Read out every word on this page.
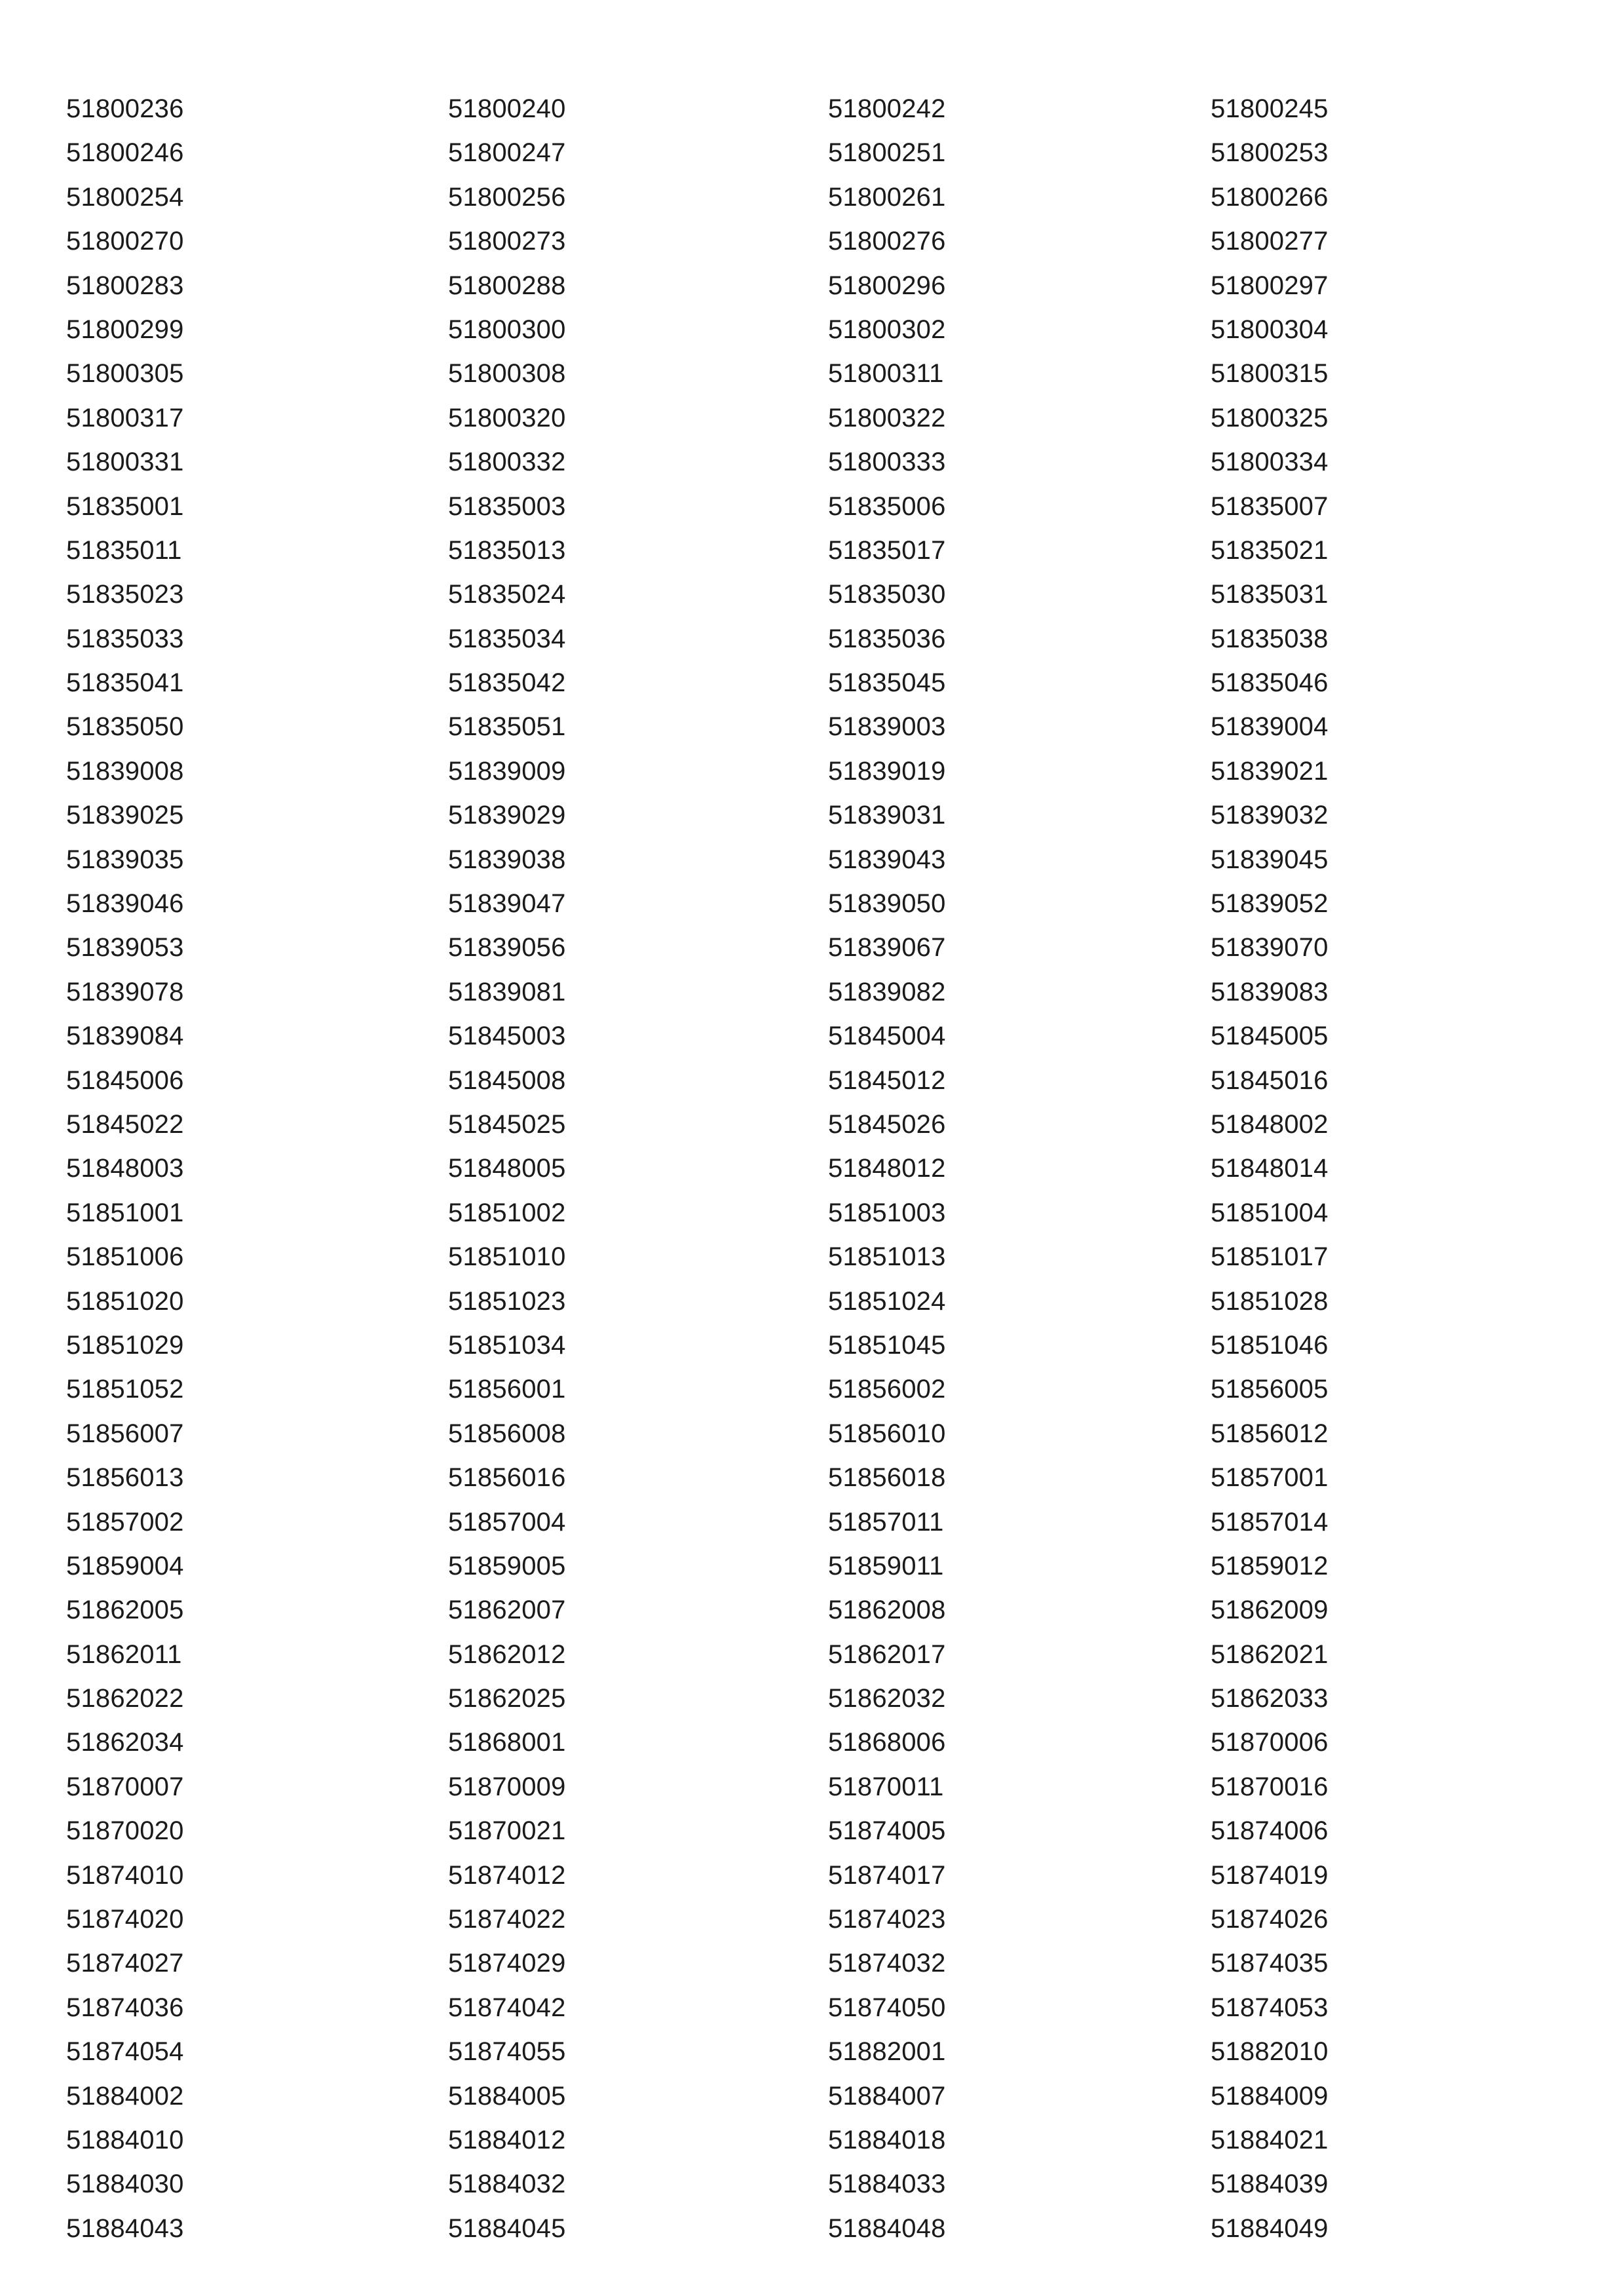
51800236	51800240	51800242	51800245
51800246	51800247	51800251	51800253
51800254	51800256	51800261	51800266
51800270	51800273	51800276	51800277
51800283	51800288	51800296	51800297
51800299	51800300	51800302	51800304
51800305	51800308	51800311	51800315
51800317	51800320	51800322	51800325
51800331	51800332	51800333	51800334
51835001	51835003	51835006	51835007
51835011	51835013	51835017	51835021
51835023	51835024	51835030	51835031
51835033	51835034	51835036	51835038
51835041	51835042	51835045	51835046
51835050	51835051	51839003	51839004
51839008	51839009	51839019	51839021
51839025	51839029	51839031	51839032
51839035	51839038	51839043	51839045
51839046	51839047	51839050	51839052
51839053	51839056	51839067	51839070
51839078	51839081	51839082	51839083
51839084	51845003	51845004	51845005
51845006	51845008	51845012	51845016
51845022	51845025	51845026	51848002
51848003	51848005	51848012	51848014
51851001	51851002	51851003	51851004
51851006	51851010	51851013	51851017
51851020	51851023	51851024	51851028
51851029	51851034	51851045	51851046
51851052	51856001	51856002	51856005
51856007	51856008	51856010	51856012
51856013	51856016	51856018	51857001
51857002	51857004	51857011	51857014
51859004	51859005	51859011	51859012
51862005	51862007	51862008	51862009
51862011	51862012	51862017	51862021
51862022	51862025	51862032	51862033
51862034	51868001	51868006	51870006
51870007	51870009	51870011	51870016
51870020	51870021	51874005	51874006
51874010	51874012	51874017	51874019
51874020	51874022	51874023	51874026
51874027	51874029	51874032	51874035
51874036	51874042	51874050	51874053
51874054	51874055	51882001	51882010
51884002	51884005	51884007	51884009
51884010	51884012	51884018	51884021
51884030	51884032	51884033	51884039
51884043	51884045	51884048	51884049
